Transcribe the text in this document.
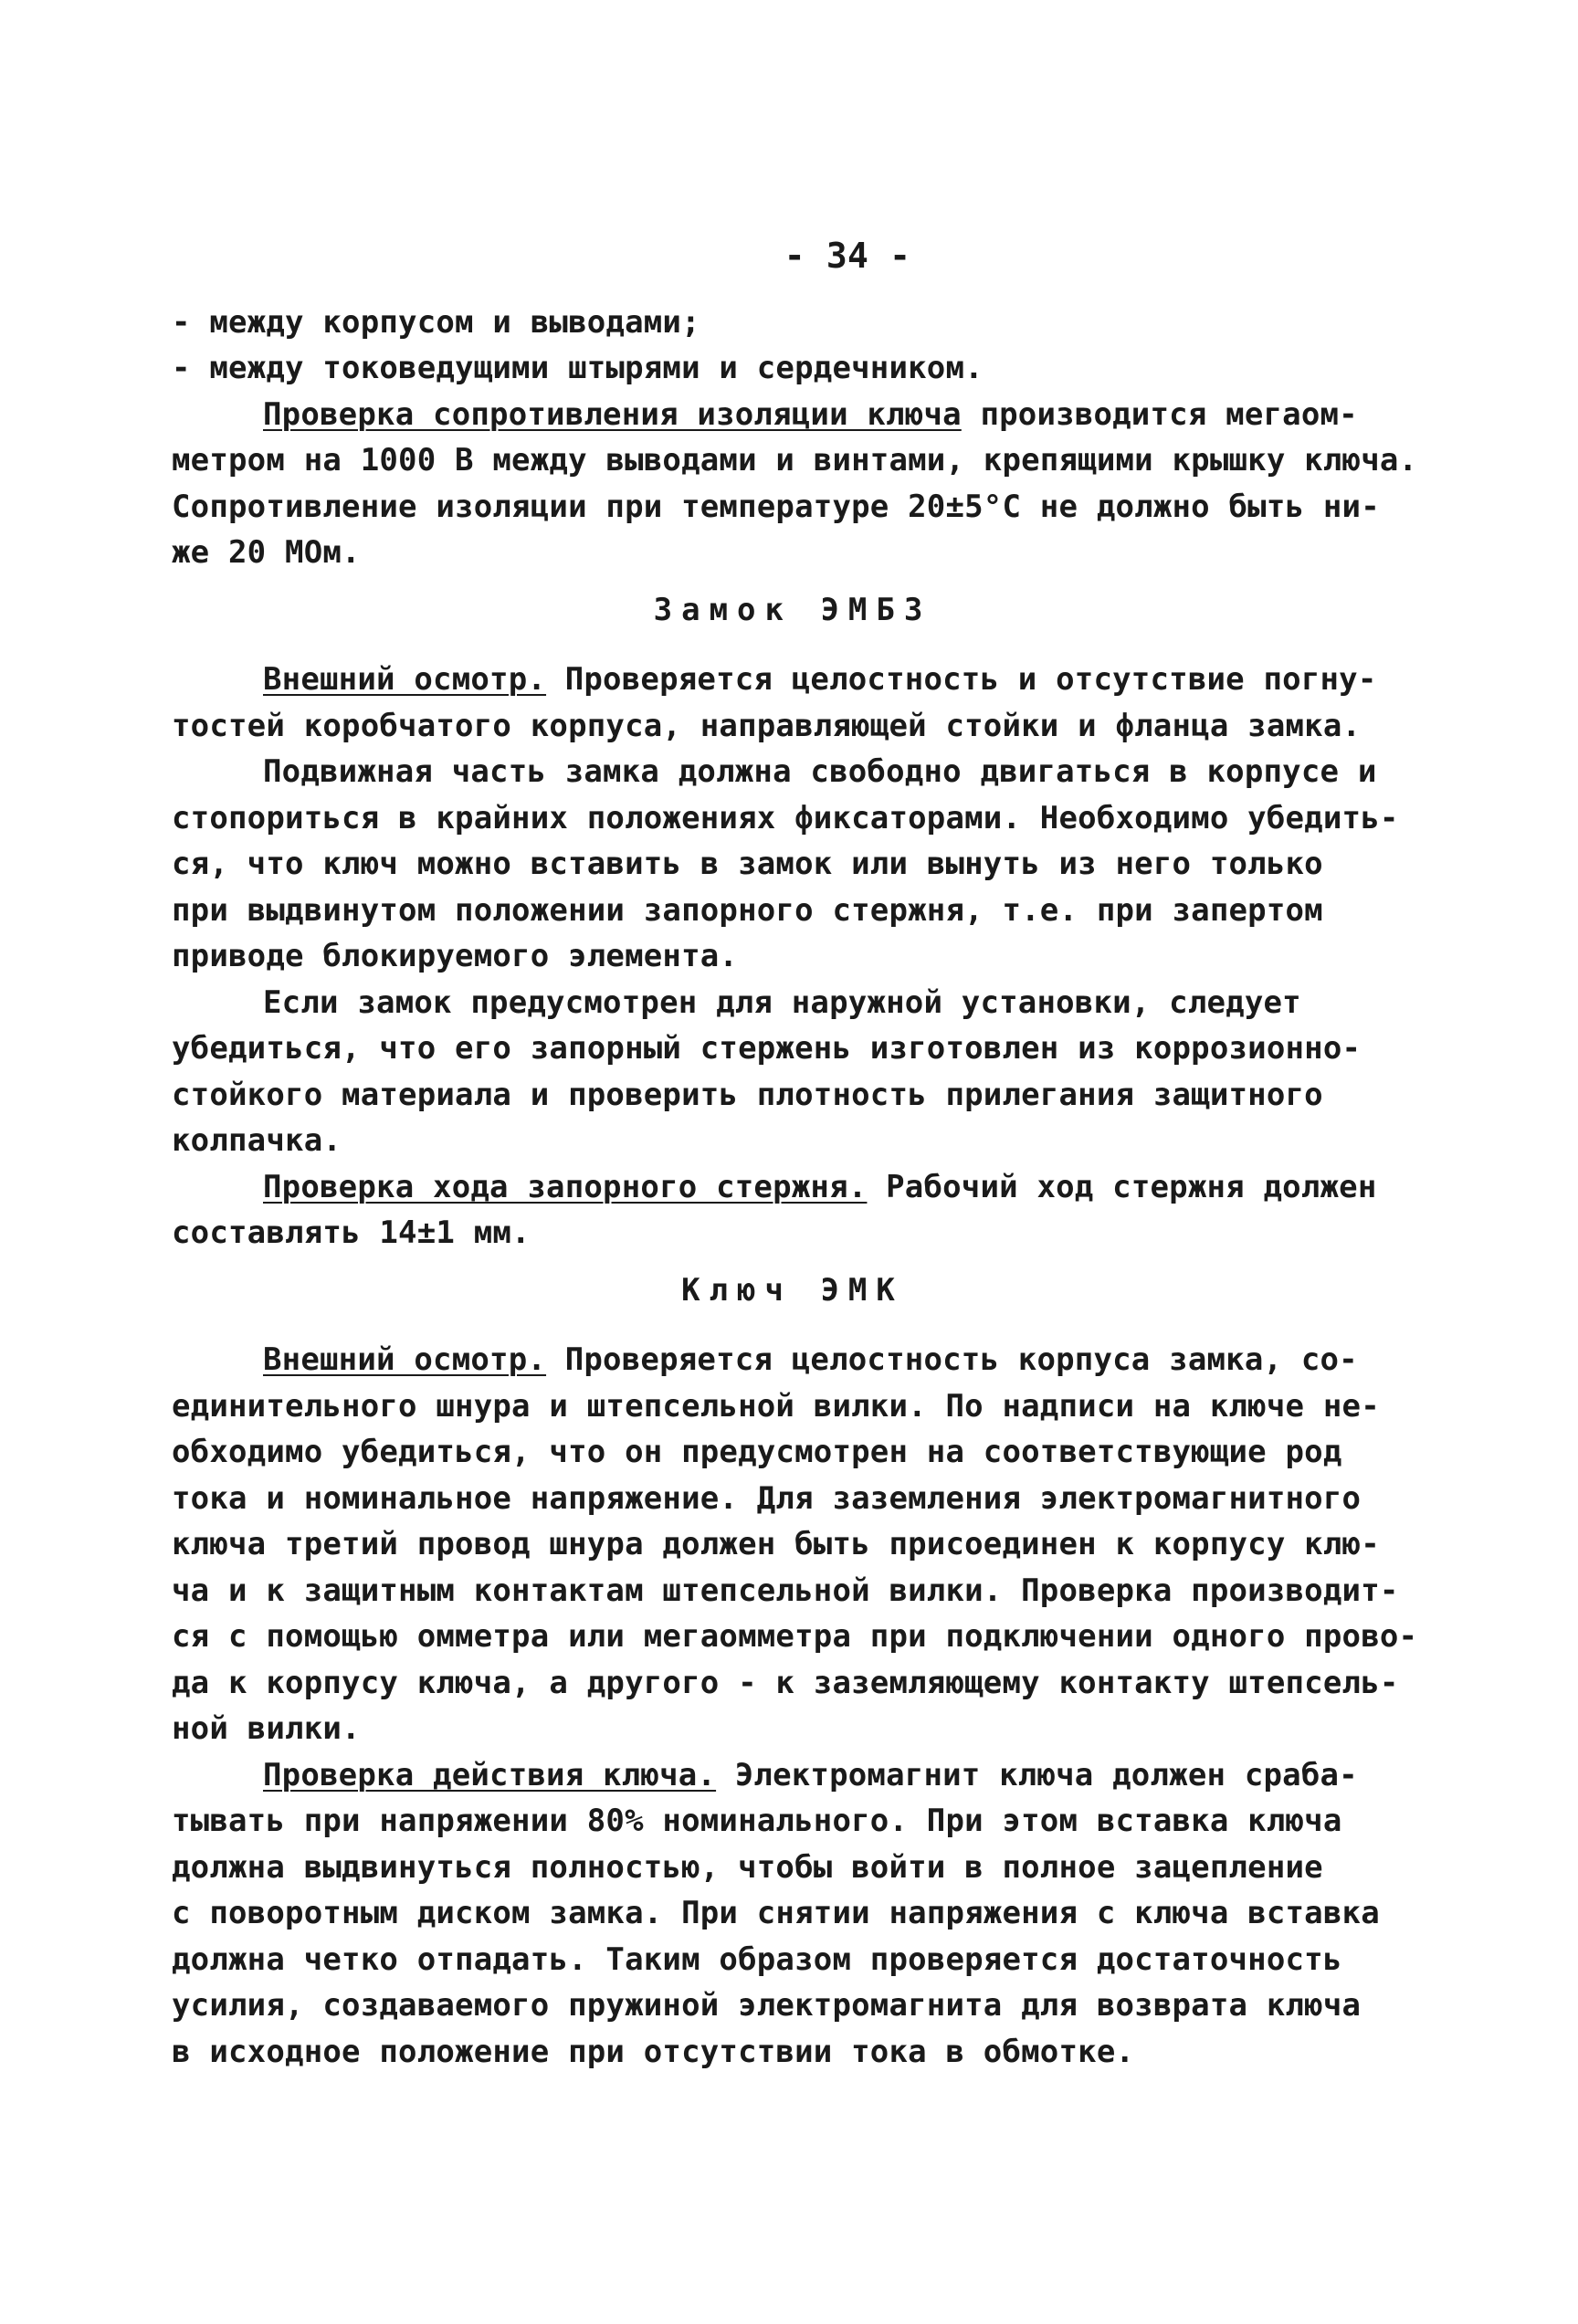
- 34 -
- между корпусом и выводами;
- между токоведущими штырями и сердечником.
Проверка сопротивления изоляции ключа производится мегаом-
метром на 1000 В между выводами и винтами, крепящими крышку ключа.
Сопротивление изоляции при температуре 20±5°С не должно быть ни-
же 20 МОм.
Замок ЭМБЗ
Внешний осмотр. Проверяется целостность и отсутствие погну-
тостей коробчатого корпуса, направляющей стойки и фланца замка.
Подвижная часть замка должна свободно двигаться в корпусе и
стопориться в крайних положениях фиксаторами. Необходимо убедить-
ся, что ключ можно вставить в замок или вынуть из него только
при выдвинутом положении запорного стержня, т.е. при запертом
приводе блокируемого элемента.
Если замок предусмотрен для наружной установки, следует
убедиться, что его запорный стержень изготовлен из коррозионно-
стойкого материала и проверить плотность прилегания защитного
колпачка.
Проверка хода запорного стержня. Рабочий ход стержня должен
составлять 14±1 мм.
Ключ ЭМК
Внешний осмотр. Проверяется целостность корпуса замка, со-
единительного шнура и штепсельной вилки. По надписи на ключе не-
обходимо убедиться, что он предусмотрен на соответствующие род
тока и номинальное напряжение. Для заземления электромагнитного
ключа третий провод шнура должен быть присоединен к корпусу клю-
ча и к защитным контактам штепсельной вилки. Проверка производит-
ся с помощью омметра или мегаомметра при подключении одного прово-
да к корпусу ключа, а другого - к заземляющему контакту штепсель-
ной вилки.
Проверка действия ключа. Электромагнит ключа должен сраба-
тывать при напряжении 80% номинального. При этом вставка ключа
должна выдвинуться полностью, чтобы войти в полное зацепление
с поворотным диском замка. При снятии напряжения с ключа вставка
должна четко отпадать. Таким образом проверяется достаточность
усилия, создаваемого пружиной электромагнита для возврата ключа
в исходное положение при отсутствии тока в обмотке.
